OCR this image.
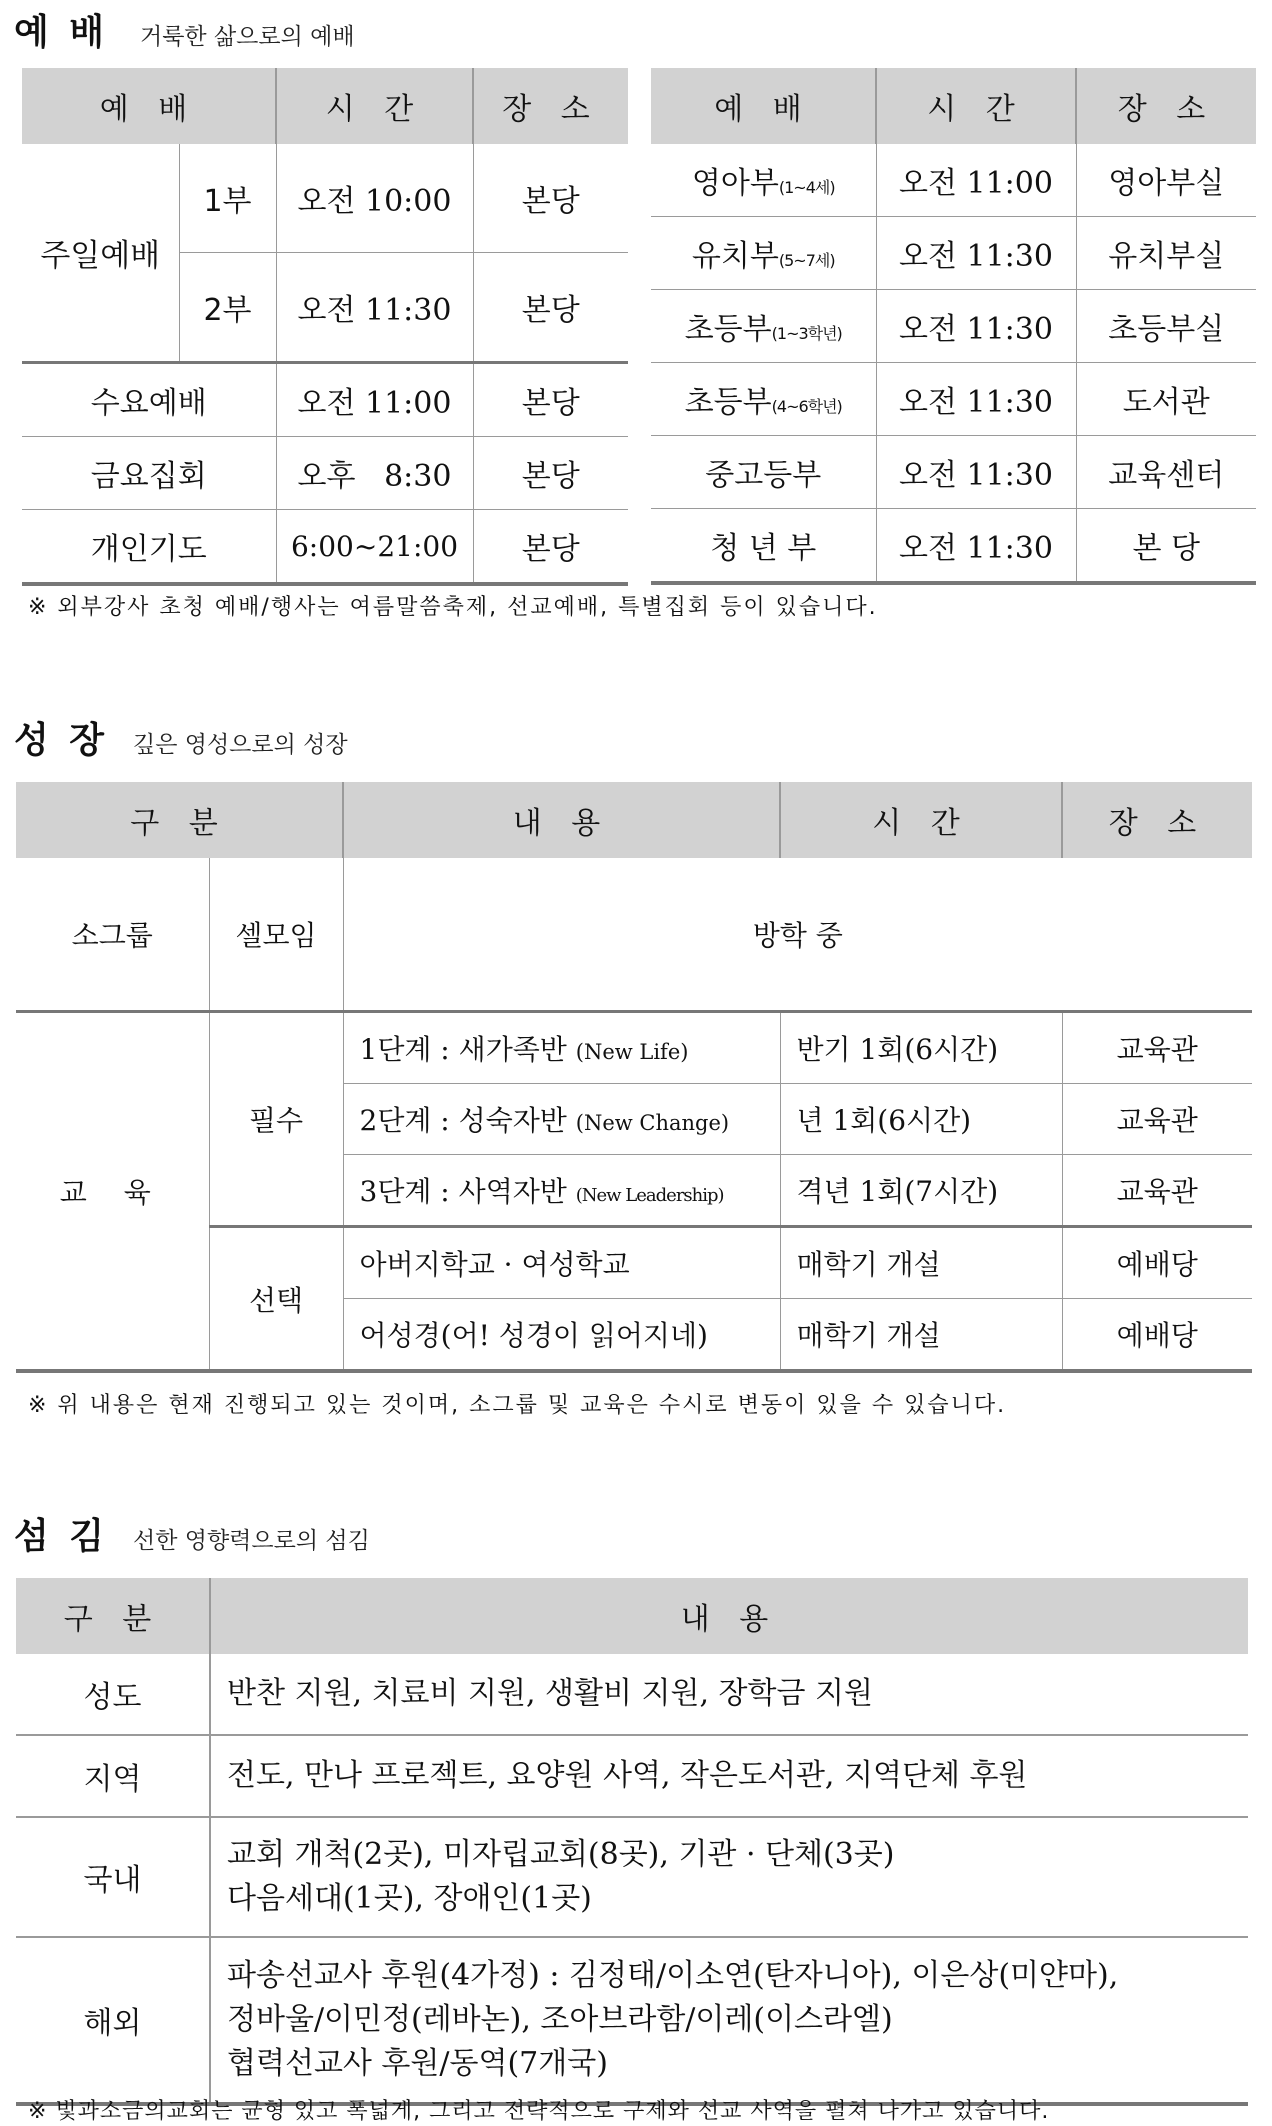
예 배 거룩한 삶으로의 예배
예 배		시 간	장 소
주일예배	1부	오전 10:00	본당
	2부	오전 11:30	본당
수요예배		오전 11:00	본당
금요집회		오후   8:30	본당
개인기도		6:00~21:00	본당
예 배	시 간	장 소
영아부(1~4세)	오전 11:00	영아부실
유치부(5~7세)	오전 11:30	유치부실
초등부(1~3학년)	오전 11:30	초등부실
초등부(4~6학년)	오전 11:30	도서관
중고등부	오전 11:30	교육센터
청 년 부	오전 11:30	본 당
※ 외부강사 초청 예배/행사는 여름말씀축제, 선교예배, 특별집회 등이 있습니다.
성 장 깊은 영성으로의 성장
구 분		내 용	시 간	장 소
소그룹	셀모임	방학 중		
교 육	필수	1단계 : 새가족반 (New Life)	반기 1회(6시간)	교육관
		2단계 : 성숙자반 (New Change)	년 1회(6시간)	교육관
		3단계 : 사역자반 (New Leadership)	격년 1회(7시간)	교육관
	선택	아버지학교 · 여성학교	매학기 개설	예배당
		어성경(어! 성경이 읽어지네)	매학기 개설	예배당
※ 위 내용은 현재 진행되고 있는 것이며, 소그룹 및 교육은 수시로 변동이 있을 수 있습니다.
섬 김 선한 영향력으로의 섬김
구 분	내 용
성도	반찬 지원, 치료비 지원, 생활비 지원, 장학금 지원
지역	전도, 만나 프로젝트, 요양원 사역, 작은도서관, 지역단체 후원
국내	교회 개척(2곳), 미자립교회(8곳), 기관 · 단체(3곳)
다음세대(1곳), 장애인(1곳)

해외	파송선교사 후원(4가정) : 김정태/이소연(탄자니아), 이은상(미얀마),
정바울/이민정(레바논), 조아브라함/이레(이스라엘)
협력선교사 후원/동역(7개국)
※ 빛과소금의교회는 균형 있고 폭넓게, 그리고 전략적으로 구제와 선교 사역을 펼쳐 나가고 있습니다.
